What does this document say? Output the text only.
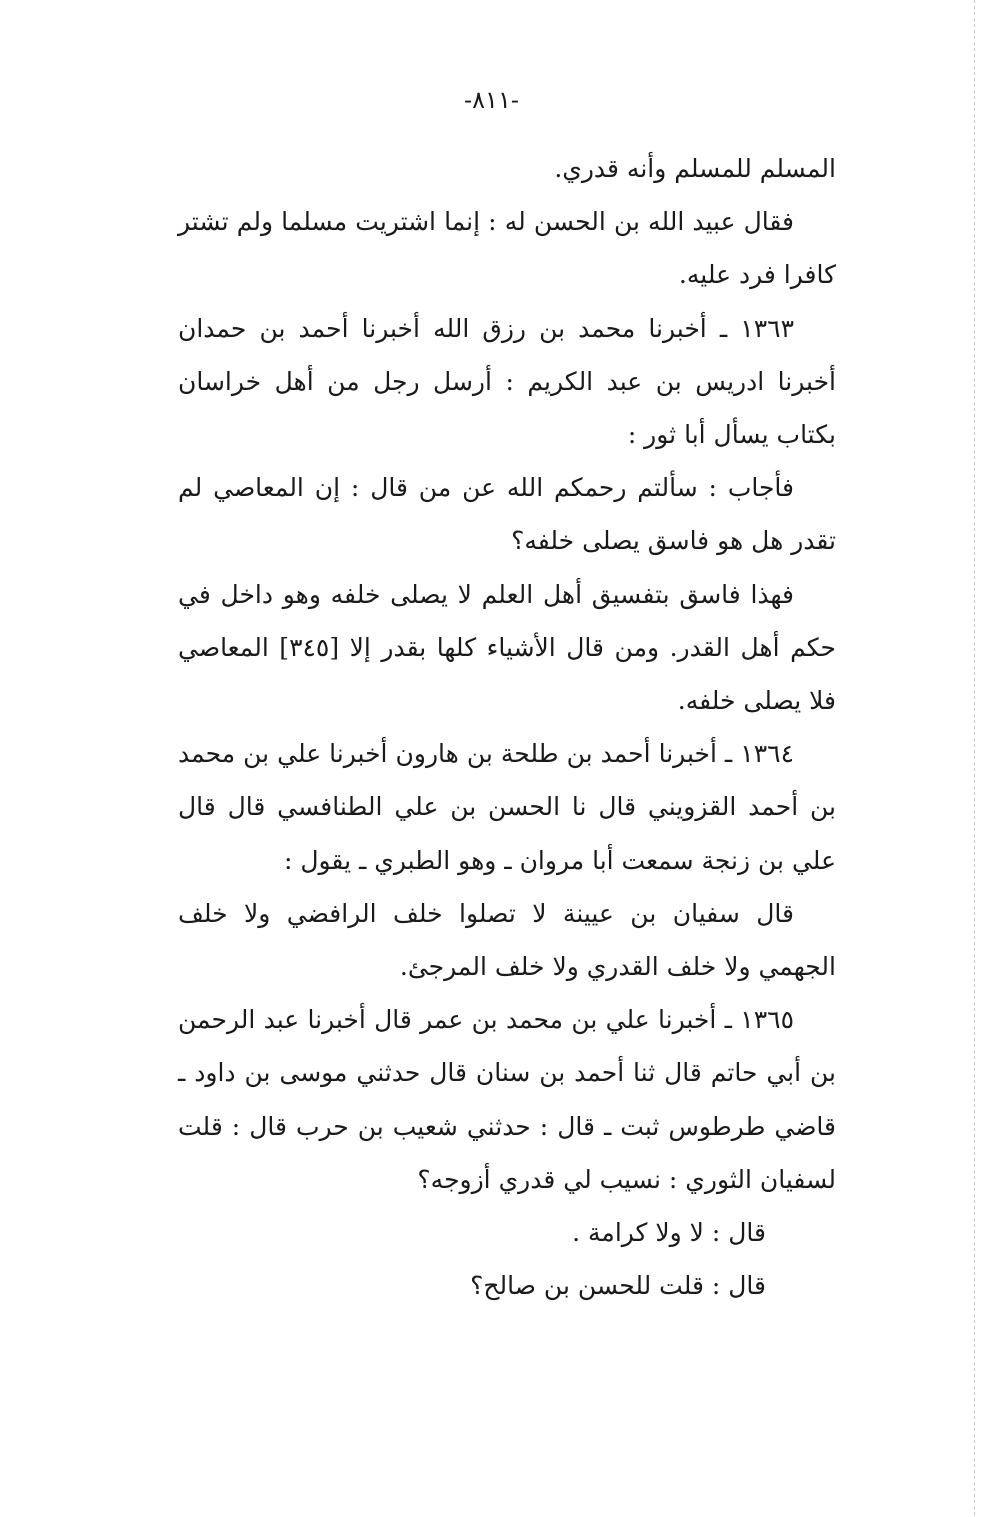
-٨١١-

المسلم للمسلم وأنه قدري.

فقال عبيد الله بن الحسن له : إنما اشتريت مسلما ولم تشتر كافرا فرد عليه.

١٣٦٣ ـ أخبرنا محمد بن رزق الله أخبرنا أحمد بن حمدان أخبرنا ادريس بن عبد الكريم : أرسل رجل من أهل خراسان بكتاب يسأل أبا ثور :

فأجاب : سألتم رحمكم الله عن من قال : إن المعاصي لم تقدر هل هو فاسق يصلى خلفه؟

فهذا فاسق بتفسيق أهل العلم لا يصلى خلفه وهو داخل في حكم أهل القدر. ومن قال الأشياء كلها بقدر إلا [٣٤٥] المعاصي فلا يصلى خلفه.

١٣٦٤ ـ أخبرنا أحمد بن طلحة بن هارون أخبرنا علي بن محمد بن أحمد القزويني قال نا الحسن بن علي الطنافسي قال قال علي بن زنجة سمعت أبا مروان ـ وهو الطبري ـ يقول :

قال سفيان بن عيينة لا تصلوا خلف الرافضي ولا خلف الجهمي ولا خلف القدري ولا خلف المرجئ.

١٣٦٥ ـ أخبرنا علي بن محمد بن عمر قال أخبرنا عبد الرحمن بن أبي حاتم قال ثنا أحمد بن سنان قال حدثني موسى بن داود ـ قاضي طرطوس ثبت ـ قال : حدثني شعيب بن حرب قال : قلت لسفيان الثوري : نسيب لي قدري أزوجه؟

قال : لا ولا كرامة .

قال : قلت للحسن بن صالح؟
